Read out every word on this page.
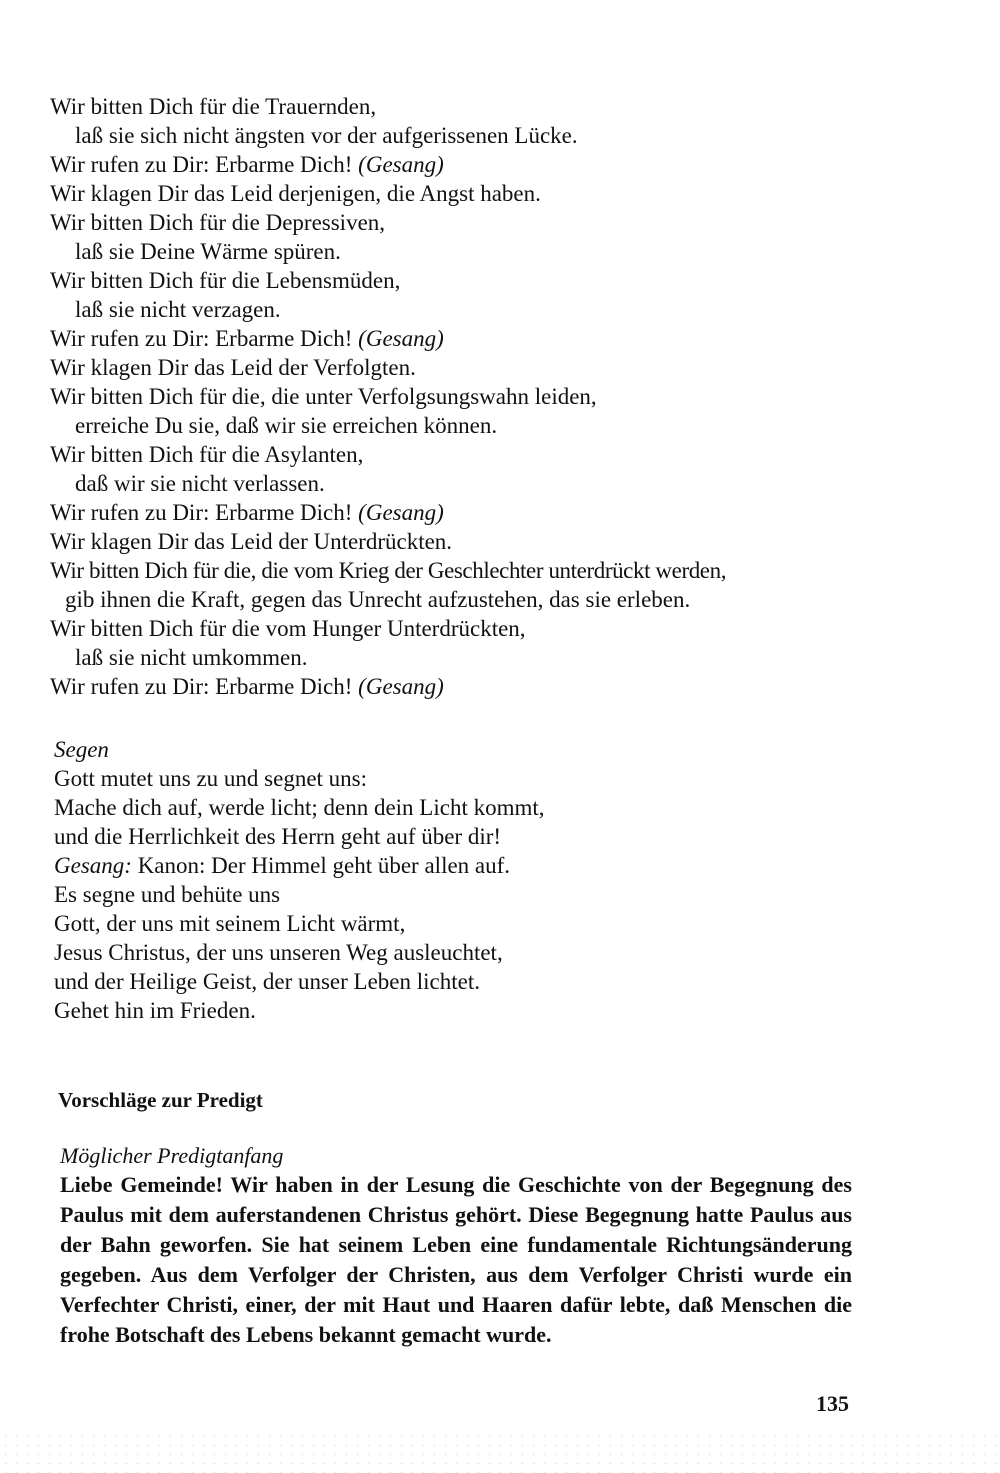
Wir bitten Dich für die Trauernden,
laß sie sich nicht ängsten vor der aufgerissenen Lücke.
Wir rufen zu Dir: Erbarme Dich! (Gesang)
Wir klagen Dir das Leid derjenigen, die Angst haben.
Wir bitten Dich für die Depressiven,
laß sie Deine Wärme spüren.
Wir bitten Dich für die Lebensmüden,
laß sie nicht verzagen.
Wir rufen zu Dir: Erbarme Dich! (Gesang)
Wir klagen Dir das Leid der Verfolgten.
Wir bitten Dich für die, die unter Verfolgsungswahn leiden,
erreiche Du sie, daß wir sie erreichen können.
Wir bitten Dich für die Asylanten,
daß wir sie nicht verlassen.
Wir rufen zu Dir: Erbarme Dich! (Gesang)
Wir klagen Dir das Leid der Unterdrückten.
Wir bitten Dich für die, die vom Krieg der Geschlechter unterdrückt werden,
gib ihnen die Kraft, gegen das Unrecht aufzustehen, das sie erleben.
Wir bitten Dich für die vom Hunger Unterdrückten,
laß sie nicht umkommen.
Wir rufen zu Dir: Erbarme Dich! (Gesang)
Segen
Gott mutet uns zu und segnet uns:
Mache dich auf, werde licht; denn dein Licht kommt,
und die Herrlichkeit des Herrn geht auf über dir!
Gesang: Kanon: Der Himmel geht über allen auf.
Es segne und behüte uns
Gott, der uns mit seinem Licht wärmt,
Jesus Christus, der uns unseren Weg ausleuchtet,
und der Heilige Geist, der unser Leben lichtet.
Gehet hin im Frieden.
Vorschläge zur Predigt
Möglicher Predigtanfang
Liebe Gemeinde! Wir haben in der Lesung die Geschichte von der Begegnung des Paulus mit dem auferstandenen Christus gehört. Diese Begegnung hatte Paulus aus der Bahn geworfen. Sie hat seinem Leben eine fundamentale Richtungsänderung gegeben. Aus dem Verfolger der Christen, aus dem Verfolger Christi wurde ein Verfechter Christi, einer, der mit Haut und Haaren dafür lebte, daß Menschen die frohe Botschaft des Lebens bekannt gemacht wurde.
135
